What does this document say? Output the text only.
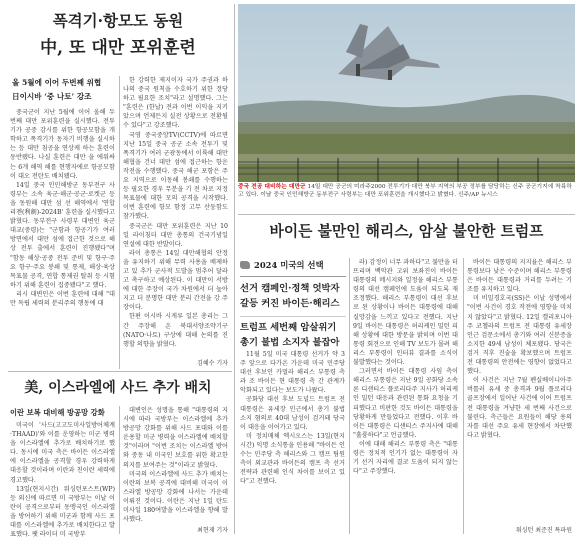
폭격기·항모도 동원
中, 또 대만 포위훈련
올 5월에 이어 두번째 위협
日이시바 ‘중 나토’ 강조

중국군이 지난 5월에 이어 올해 두 번째 대만 포위훈련을 실시했다. 전투기가 공중 감시를 위한 항공모함을 개학하고 폭격기가 동자기 비행을 실시하는 등 대만 침공을 연상케 하는 훈련이 동반됐다. 나실 훈련은 대만 을 에워싸는 6개 해역 해를 현행자에로 항공모함이 대오 전탄도 배치됐다.

14일 중국 인민해방군 동부전구 사령부는 소속 육군·해군·공군·로켓군 등을 동원해 대만 섬 선 해역에서 '연합 리젠(利劍)-2024B' 훈련을 실시했다고 밝혔다. 동부전구 사령부 대변인 육군 대교(중령)는 "군함과 항공기가 여러 방면에서 대만 섬에 접근한 것으로 해상 전투 출에서 훈련이 진행됐다"며 "함동 해상·공중 전투 준비 및 항구·주요 항구·주요 봉쇄 및 통제, 해상·육상 목표물 공격, 연합 통제권 탈취 등 시험하기 위해 훈련이 집중됐다"고 했다.

리시 대변인은 이번 훈련에 대해 "대만 독립 세력의 분리주의 행동에 대

한 강력한 제지이자 국가 주권과 하나의 중국 원칙을 수호하기 위한 정당하고 필요한 조치"라고 설명했다. 그는 "훈련은 (한날) 전과 이번 이익을 지키았으며 언제든지 실전 상황으로 전환될 수 있다"고 강조했다.

국영 중국중앙TV(CCTV)에 따르면 지난 15일 중국 공군 소속 전투기 및 폭격기가 여러 군광동에서 이륙해 대만해협을 건너 대만 섬에 접근하는 항운 작전을 수행했다. 중국 해군 포함은 주요 지역으로 이동해 봉쇄를 수행하는 등 필요한 경우 무분을 기 전 차로 지정 목표물에 대한 모의 공격을 시작했다. 이번 훈련에 항모 함정 고무 산둥함도 참가했다.

중국군은 대만 포위훈련은 지난 10일 라이칭더 대만 총통의 건국기념일 연설에 대한 반발이다.

라이 총통은 14일 대만해협의 안정을 유지하기 위해 무력 사용을 배제하고 있 추가 군사적 도발을 멈추어 달라 고 촉구하고 예상된다. 이 대만이 서방에 대한 주장이 국가 차원에서 더 높아지고 더 분명한 대만 분리 간전을 강 주장이다.

한편 이시바 시게루 일본 총리는 그간 주장해 온 북대서양조약기구(NATO·나토) 구상에 대해 논의를 진행할 의향을 밝혔다.

김혜수 기자
美, 이스라엘에 사드 추가 배치
이란 보복 대비해 방공망 강화

미국이 '사드(고고도미사일방어체계·THAAD)'와 이를 운영하는 미군 병력을 이스라엘에 추가로 배치하기로 했다. 동시에 미국 측은 바이든 이스라엘에 이스라엘을 공격할 경우 강력하게 대응할 것이라며 이란과 친이란 세력에 경고했다.

13일(현지시간) 워싱턴포스트(WP) 등 외신에 따르면 미 국방부는 이날 이란이 공격으로부터 동맹국인 이스라엘을 방어하기 위해 미군과 함께 사드 포대를 이스라엘에 추가로 배치한다고 발표했다. 팻 라이더 미 국방부

대변인은 성명을 통해 "대통령의 지시에 따라 국방부는 이스라엘에 추가 방공망 강화를 위해 사드 포대와 이를 운용할 미군 병력을 이스라엘에 배치할 것"이라며 "이번 조치는 이스라엘 방어와 중동 내 미국인 보호를 위한 확고한 의지를 보여주는 것"이라고 밝혔다.

미국의 이스라엘에 사드 추가 배치는 이란의 보복 공격에 대비해 미국이 이스라엘 방공망 강화에 나서는 가운데 이뤄진 것이다. 이란은 지난 1일 탄도미사일 180여발을 이스라엘을 향해 발사했다.

최현재 기자
중국 전공 대비하는 대만군 14일 대만 공군의 미라주2000 전투기가 대만 북부 지역의 부공 정부를 담당하는 신주 공군기지에 착륙하고 있다. 이날 중국 인민해방군 동부전구 사령부는 대만 포위훈련을 개시했다고 밝혔다. 신주/AP 뉴시스
바이든 불만인 해리스, 암살 불안한 트럼프
2024 미국의 선택
선거 캠페인·정책 엇박자
갈등 커진 바이든·해리스
트럼프 세번째 암살위기
총기 불법 소지자 불잡아

11월 5일 미국 대통령 선거가 약 3주 앞으로 다가온 가운데 미국 민주당 대선 후보인 카멀라 해리스 부통령 측과 조 바이든 현 대통령 측 간 관계가 악화되고 있다는 보도가 나왔다.

공화당 대선 후보 도널드 트럼프 전 대통령은 유세장 인근에서 총기 불법 소지 혐의로 40대 남성이 검거돼 당국이 대응을 이어가고 있다.

미 정치매체 엑시오스는 13일(현지시간) 익명 소식통을 인용해 "바이든 인수는 민주당 측 해리스와 그 캠프 팀원 측이 외교관과 바이든의 캠프 측 선거 전략과 관련해 인식 차이를 보이고 있다"고 전했다.

라) 감정이 너무 과하다"고 불만을 터뜨리며 백악관 고위 보좌진이 바이든 대통령의 메시지와 일정을 해리스 부통령의 대선 캠페인에 도움이 되도록 재조정했다. 해리스 부통령이 대선 후보로 된 상황이나 바이든 대통령에 대해 실망감을 느끼고 있다고 전했다. 지난 9일 바이든 대통령은 허리케인 밀턴 피해 상황에 대한 방문을 밝히며 이번 대통령 회견으로 인해 TV 보도가 몰려 해리스 부통령이 인터뷰 결과를 소식이 불발했다는 것이다.

그러면서 바이든 대통령 사임 측이 해리스 부통령은 지난 9일 공화당 소속 론 디샌티스 플로리다주 지사가 허리케인 밀턴 대응과 관련된 통화 요청을 기피했다고 비판한 것도 바이든 대통령을 당황하게 만들었다고 전했다. 이후 바이든 대통령은 디샌티스 주지사에 대해 "훌륭하다"고 언급했다.

이에 대해 해리스 부통령 측은 "대통령은 정치적 인기가 없는 대통령이 자기 선거 자리에 결코 도움이 되지 않는다"고 주장했다.

바이든 대통령의 지지율은 해리스 부통령보다 낮은 수준이며 해리스 부통령은 바이든 대통령과 거리를 두려는 기조를 유지하고 있다.

미 비밀경호국(SS)은 이날 성명에서 "이번 사건이 경호 작전에 영향을 미치지 않았다"고 밝혔다. 12일 캘리포니아주 코첼라의 트럼프 전 대통령 유세장 인근 검문소에서 총기와 여러 신분증을 소지한 49세 남성이 체포됐다. 당국은 검거 직후 진술을 확보했으며 트럼프 전 대통령의 안전에는 영향이 없었다고 했다.

이 사건은 지난 7월 펜실베이니아주 버틀러 유세 중 총격과 9월 플로리다 골프장에서 일어난 사건에 이어 트럼프 전 대통령을 겨냥한 세 번째 사건으로 불린다. 측근들은 요원들이 해당 용의자를 대선 주요 유세 현장에서 차단했다고 밝혔다.

워싱턴 최준진 특파원
